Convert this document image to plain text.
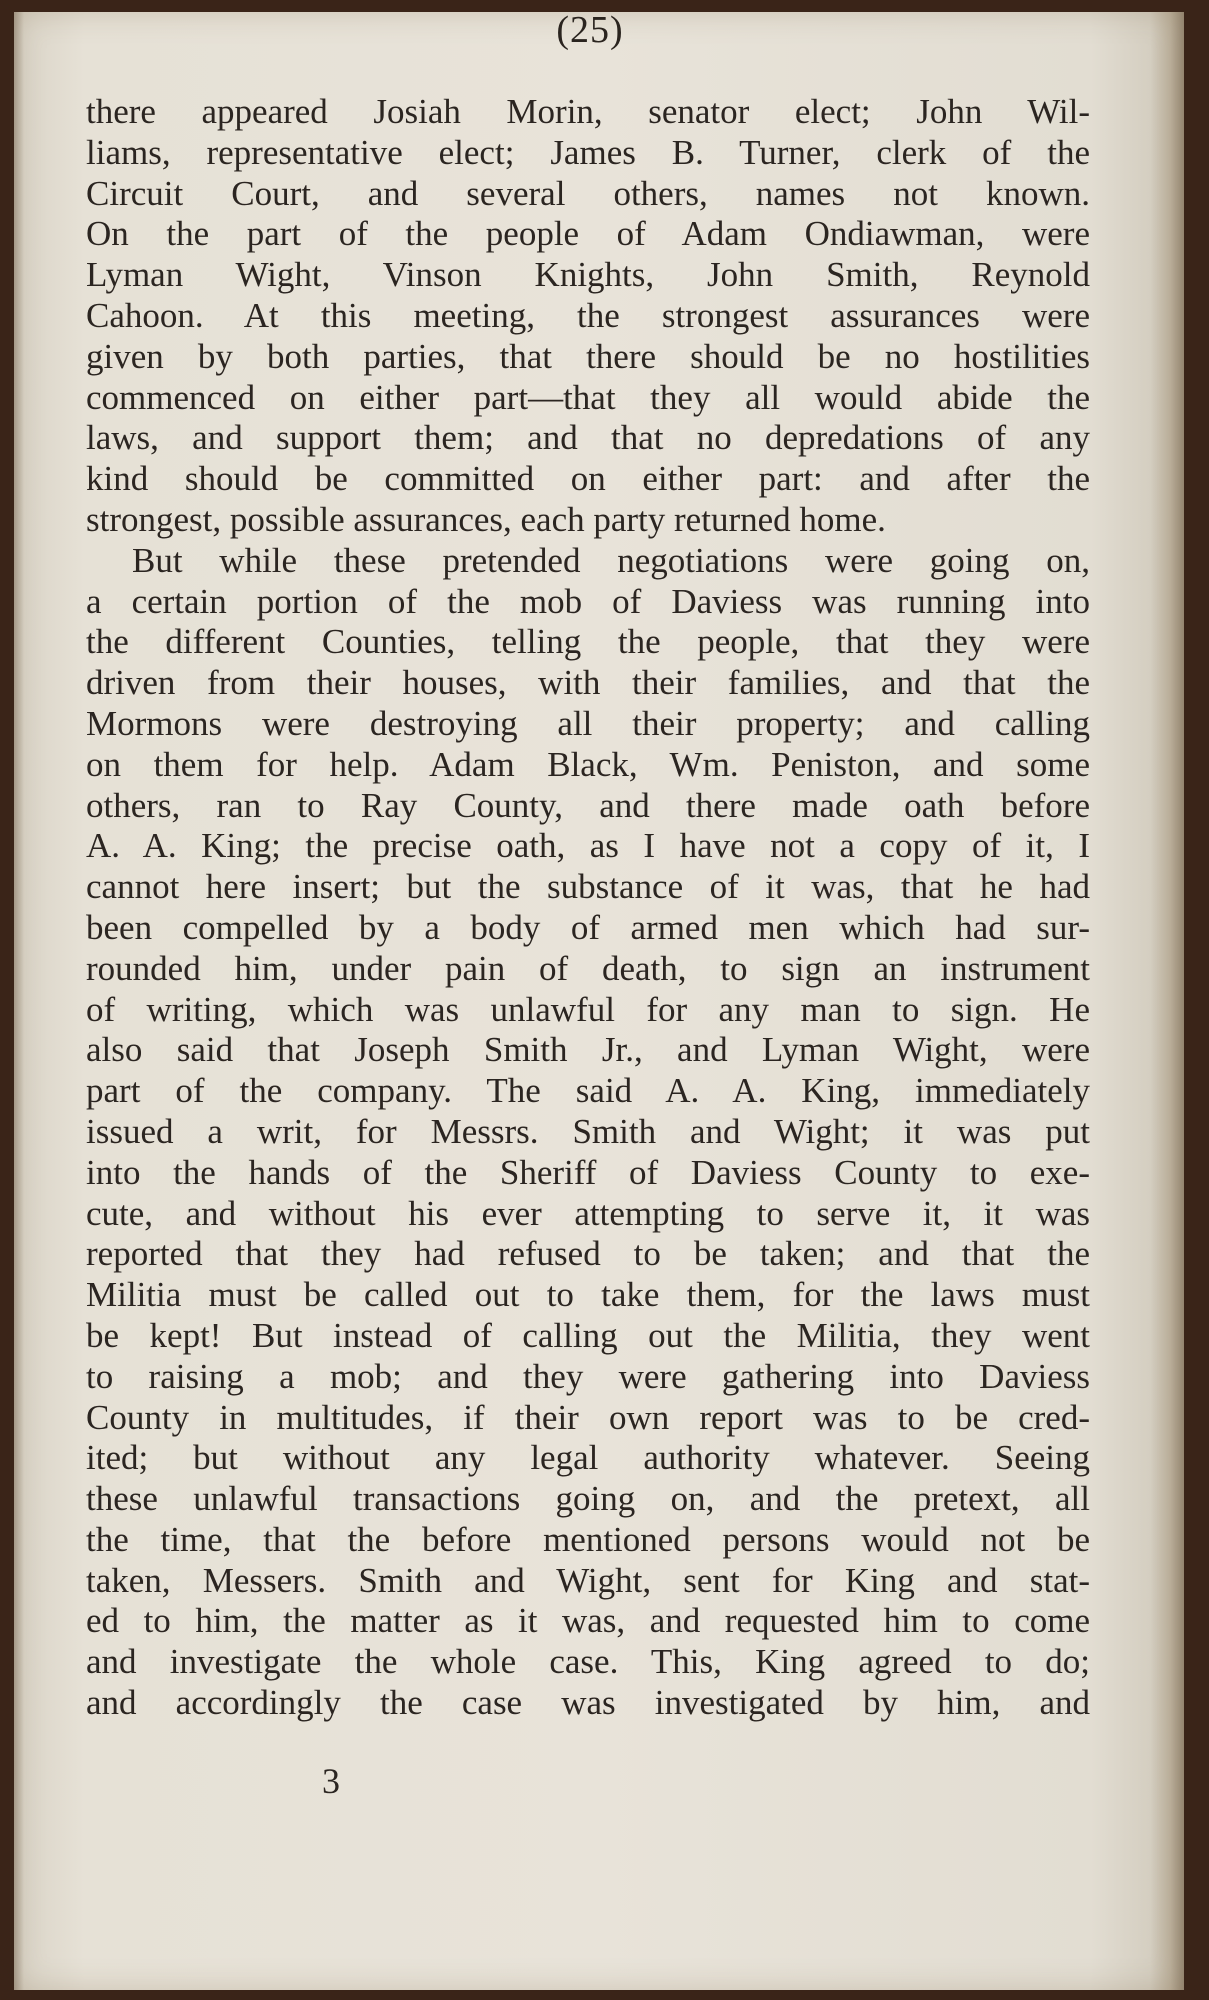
(25)
there appeared Josiah Morin, senator elect; John Wil-
liams, representative elect; James B. Turner, clerk of the
Circuit Court, and several others, names not known.
On the part of the people of Adam Ondiawman, were
Lyman Wight, Vinson Knights, John Smith, Reynold
Cahoon. At this meeting, the strongest assurances were
given by both parties, that there should be no hostilities
commenced on either part—that they all would abide the
laws, and support them; and that no depredations of any
kind should be committed on either part: and after the
strongest, possible assurances, each party returned home.
But while these pretended negotiations were going on,
a certain portion of the mob of Daviess was running into
the different Counties, telling the people, that they were
driven from their houses, with their families, and that the
Mormons were destroying all their property; and calling
on them for help. Adam Black, Wm. Peniston, and some
others, ran to Ray County, and there made oath before
A. A. King; the precise oath, as I have not a copy of it, I
cannot here insert; but the substance of it was, that he had
been compelled by a body of armed men which had sur-
rounded him, under pain of death, to sign an instrument
of writing, which was unlawful for any man to sign. He
also said that Joseph Smith Jr., and Lyman Wight, were
part of the company. The said A. A. King, immediately
issued a writ, for Messrs. Smith and Wight; it was put
into the hands of the Sheriff of Daviess County to exe-
cute, and without his ever attempting to serve it, it was
reported that they had refused to be taken; and that the
Militia must be called out to take them, for the laws must
be kept! But instead of calling out the Militia, they went
to raising a mob; and they were gathering into Daviess
County in multitudes, if their own report was to be cred-
ited; but without any legal authority whatever. Seeing
these unlawful transactions going on, and the pretext, all
the time, that the before mentioned persons would not be
taken, Messers. Smith and Wight, sent for King and stat-
ed to him, the matter as it was, and requested him to come
and investigate the whole case. This, King agreed to do;
and accordingly the case was investigated by him, and
3
